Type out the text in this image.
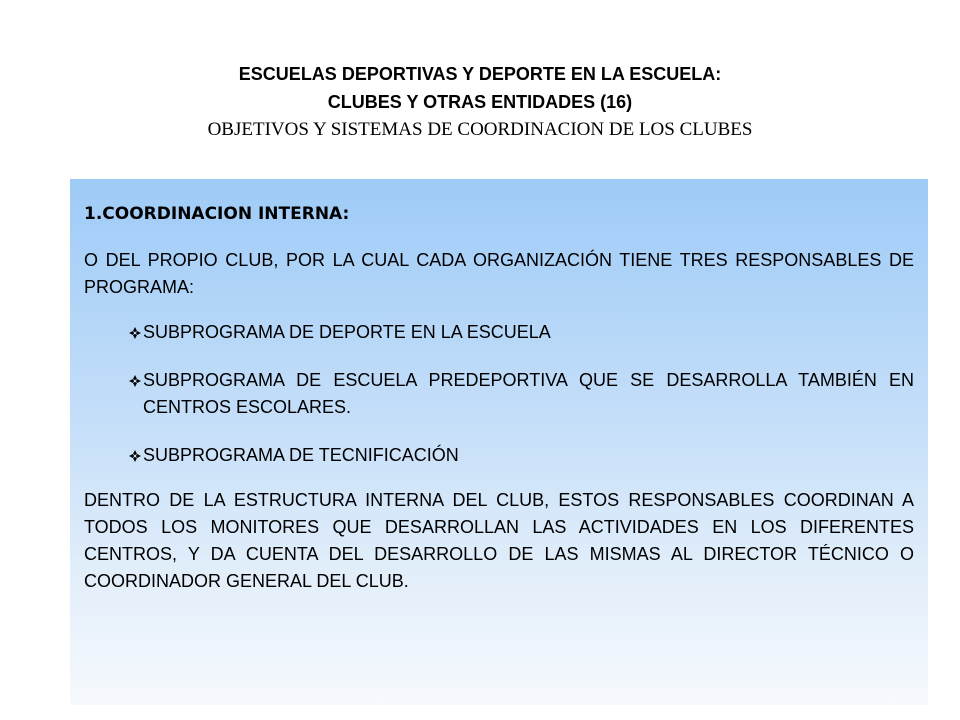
ESCUELAS DEPORTIVAS Y DEPORTE EN LA ESCUELA:
CLUBES Y OTRAS ENTIDADES (16)
OBJETIVOS Y SISTEMAS DE COORDINACION DE LOS CLUBES
1.COORDINACION INTERNA:

O DEL PROPIO CLUB, POR LA CUAL CADA ORGANIZACIÓN TIENE TRES RESPONSABLES DE PROGRAMA:

SUBPROGRAMA DE DEPORTE EN LA ESCUELA
SUBPROGRAMA DE ESCUELA PREDEPORTIVA QUE SE DESARROLLA TAMBIÉN EN CENTROS ESCOLARES.
SUBPROGRAMA DE TECNIFICACIÓN

DENTRO DE LA ESTRUCTURA INTERNA DEL CLUB, ESTOS RESPONSABLES COORDINAN A TODOS LOS MONITORES QUE DESARROLLAN LAS ACTIVIDADES EN LOS DIFERENTES CENTROS, Y DA CUENTA DEL DESARROLLO DE LAS MISMAS AL DIRECTOR TÉCNICO O COORDINADOR GENERAL DEL CLUB.
